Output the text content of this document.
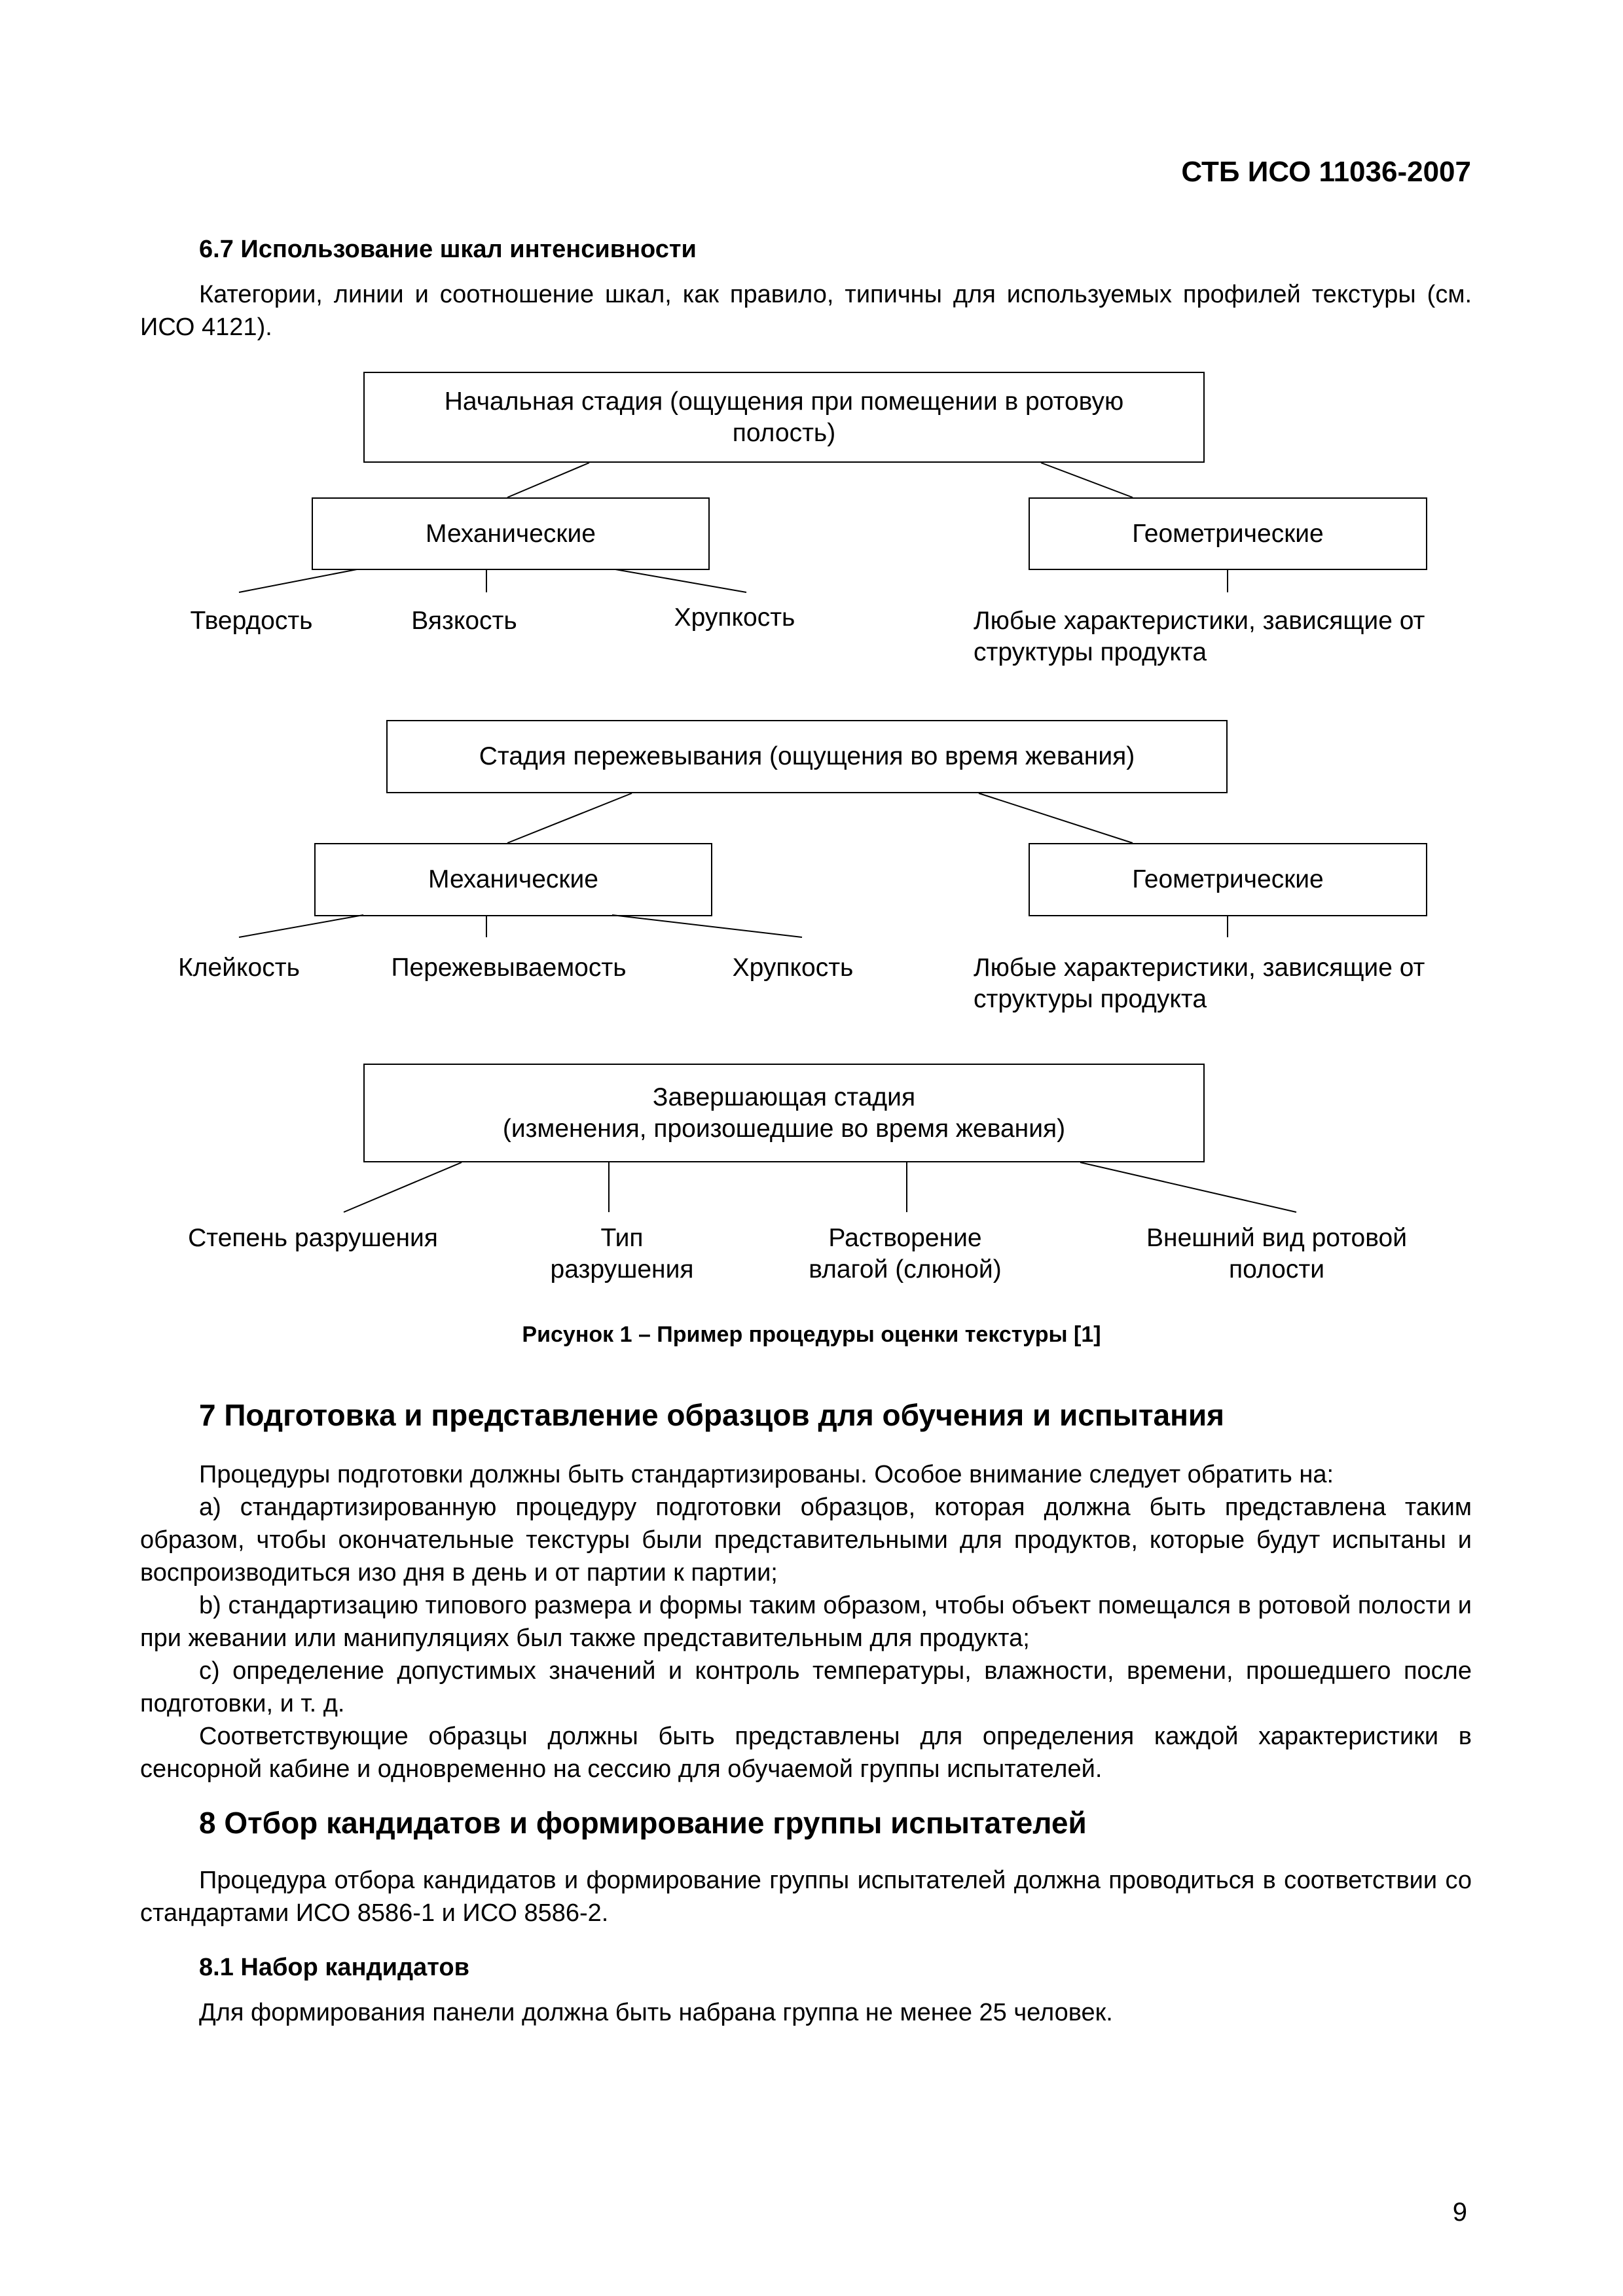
СТБ ИСО 11036-2007
6.7 Использование шкал интенсивности
Категории, линии и соотношение шкал, как правило, типичны для используемых профилей текстуры (см. ИСО 4121).
Начальная стадия (ощущения при помещении в ротовую полость)
Механические	Геометрические
Твердость	Вязкость	Хрупкость	Любые характеристики, зависящие от структуры продукта
Стадия пережевывания (ощущения во время жевания)
Механические	Геометрические
Клейкость	Пережевываемость	Хрупкость	Любые характеристики, зависящие от структуры продукта
Завершающая стадия
(изменения, произошедшие во время жевания)
Степень разрушения	Тип разрушения
Растворение влагой (слюной)
Внешний вид ротовой полости
Рисунок 1 – Пример процедуры оценки текстуры [1]
7 Подготовка и представление образцов для обучения и испытания
Процедуры подготовки должны быть стандартизированы. Особое внимание следует обратить на:
а) стандартизированную процедуру подготовки образцов, которая должна быть представлена таким образом, чтобы окончательные текстуры были представительными для продуктов, которые будут испытаны и воспроизводиться изо дня в день и от партии к партии;
b) стандартизацию типового размера и формы таким образом, чтобы объект помещался в ротовой полости и при жевании или манипуляциях был также представительным для продукта;
с) определение допустимых значений и контроль температуры, влажности, времени, прошедшего после подготовки, и т. д.
Соответствующие образцы должны быть представлены для определения каждой характеристики в сенсорной кабине и одновременно на сессию для обучаемой группы испытателей.
8 Отбор кандидатов и формирование группы испытателей
Процедура отбора кандидатов и формирование группы испытателей должна проводиться в соответствии со стандартами ИСО 8586-1 и ИСО 8586-2.
8.1 Набор кандидатов
Для формирования панели должна быть набрана группа не менее 25 человек.
9
